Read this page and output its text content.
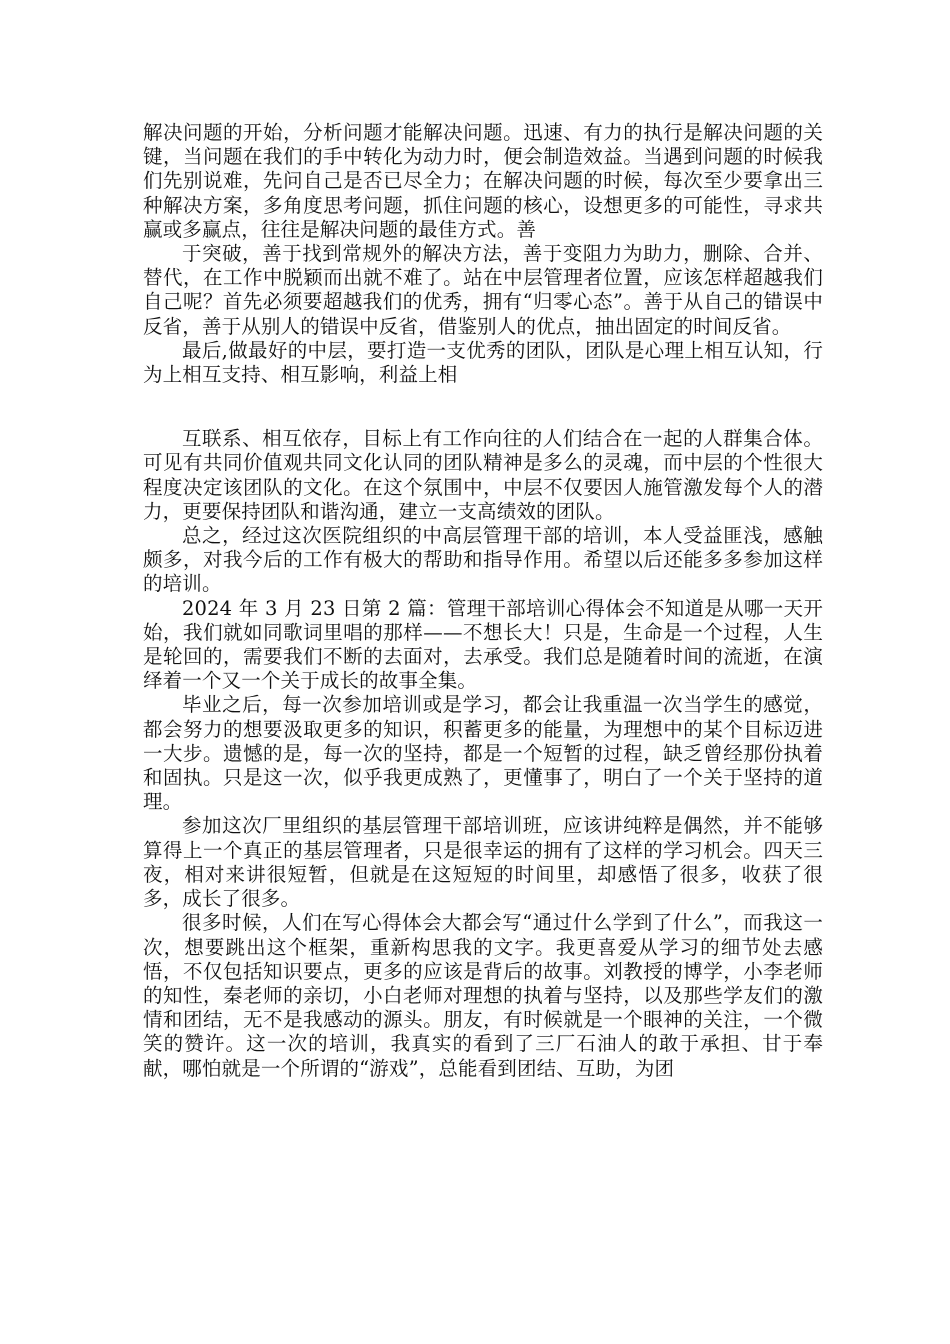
解决问题的开始，分析问题才能解决问题。迅速、有力的执行是解决问题的关键，当问题在我们的手中转化为动力时，便会制造效益。当遇到问题的时候我们先别说难，先问自己是否已尽全力；在解决问题的时候，每次至少要拿出三种解决方案，多角度思考问题，抓住问题的核心，设想更多的可能性，寻求共赢或多赢点，往往是解决问题的最佳方式。善

于突破，善于找到常规外的解决方法，善于变阻力为助力，删除、合并、替代，在工作中脱颖而出就不难了。站在中层管理者位置，应该怎样超越我们自己呢？首先必须要超越我们的优秀，拥有“归零心态”。善于从自己的错误中反省，善于从别人的错误中反省，借鉴别人的优点，抽出固定的时间反省。

最后,做最好的中层，要打造一支优秀的团队，团队是心理上相互认知，行为上相互支持、相互影响，利益上相

互联系、相互依存，目标上有工作向往的人们结合在一起的人群集合体。可见有共同价值观共同文化认同的团队精神是多么的灵魂，而中层的个性很大程度决定该团队的文化。在这个氛围中，中层不仅要因人施管激发每个人的潜力，更要保持团队和谐沟通，建立一支高绩效的团队。

总之，经过这次医院组织的中高层管理干部的培训，本人受益匪浅，感触颇多，对我今后的工作有极大的帮助和指导作用。希望以后还能多多参加这样的培训。

2024 年 3 月 23 日第 2 篇：管理干部培训心得体会不知道是从哪一天开始，我们就如同歌词里唱的那样——不想长大！只是，生命是一个过程，人生是轮回的，需要我们不断的去面对，去承受。我们总是随着时间的流逝，在演绎着一个又一个关于成长的故事全集。

毕业之后，每一次参加培训或是学习，都会让我重温一次当学生的感觉，都会努力的想要汲取更多的知识，积蓄更多的能量，为理想中的某个目标迈进一大步。遗憾的是，每一次的坚持，都是一个短暂的过程，缺乏曾经那份执着和固执。只是这一次，似乎我更成熟了，更懂事了，明白了一个关于坚持的道理。

参加这次厂里组织的基层管理干部培训班，应该讲纯粹是偶然，并不能够算得上一个真正的基层管理者，只是很幸运的拥有了这样的学习机会。四天三夜，相对来讲很短暂，但就是在这短短的时间里，却感悟了很多，收获了很多，成长了很多。

很多时候，人们在写心得体会大都会写“通过什么学到了什么”，而我这一次，想要跳出这个框架，重新构思我的文字。我更喜爱从学习的细节处去感悟，不仅包括知识要点，更多的应该是背后的故事。刘教授的博学，小李老师的知性，秦老师的亲切，小白老师对理想的执着与坚持，以及那些学友们的激情和团结，无不是我感动的源头。朋友，有时候就是一个眼神的关注，一个微笑的赞许。这一次的培训，我真实的看到了三厂石油人的敢于承担、甘于奉献，哪怕就是一个所谓的“游戏”，总能看到团结、互助，为团
